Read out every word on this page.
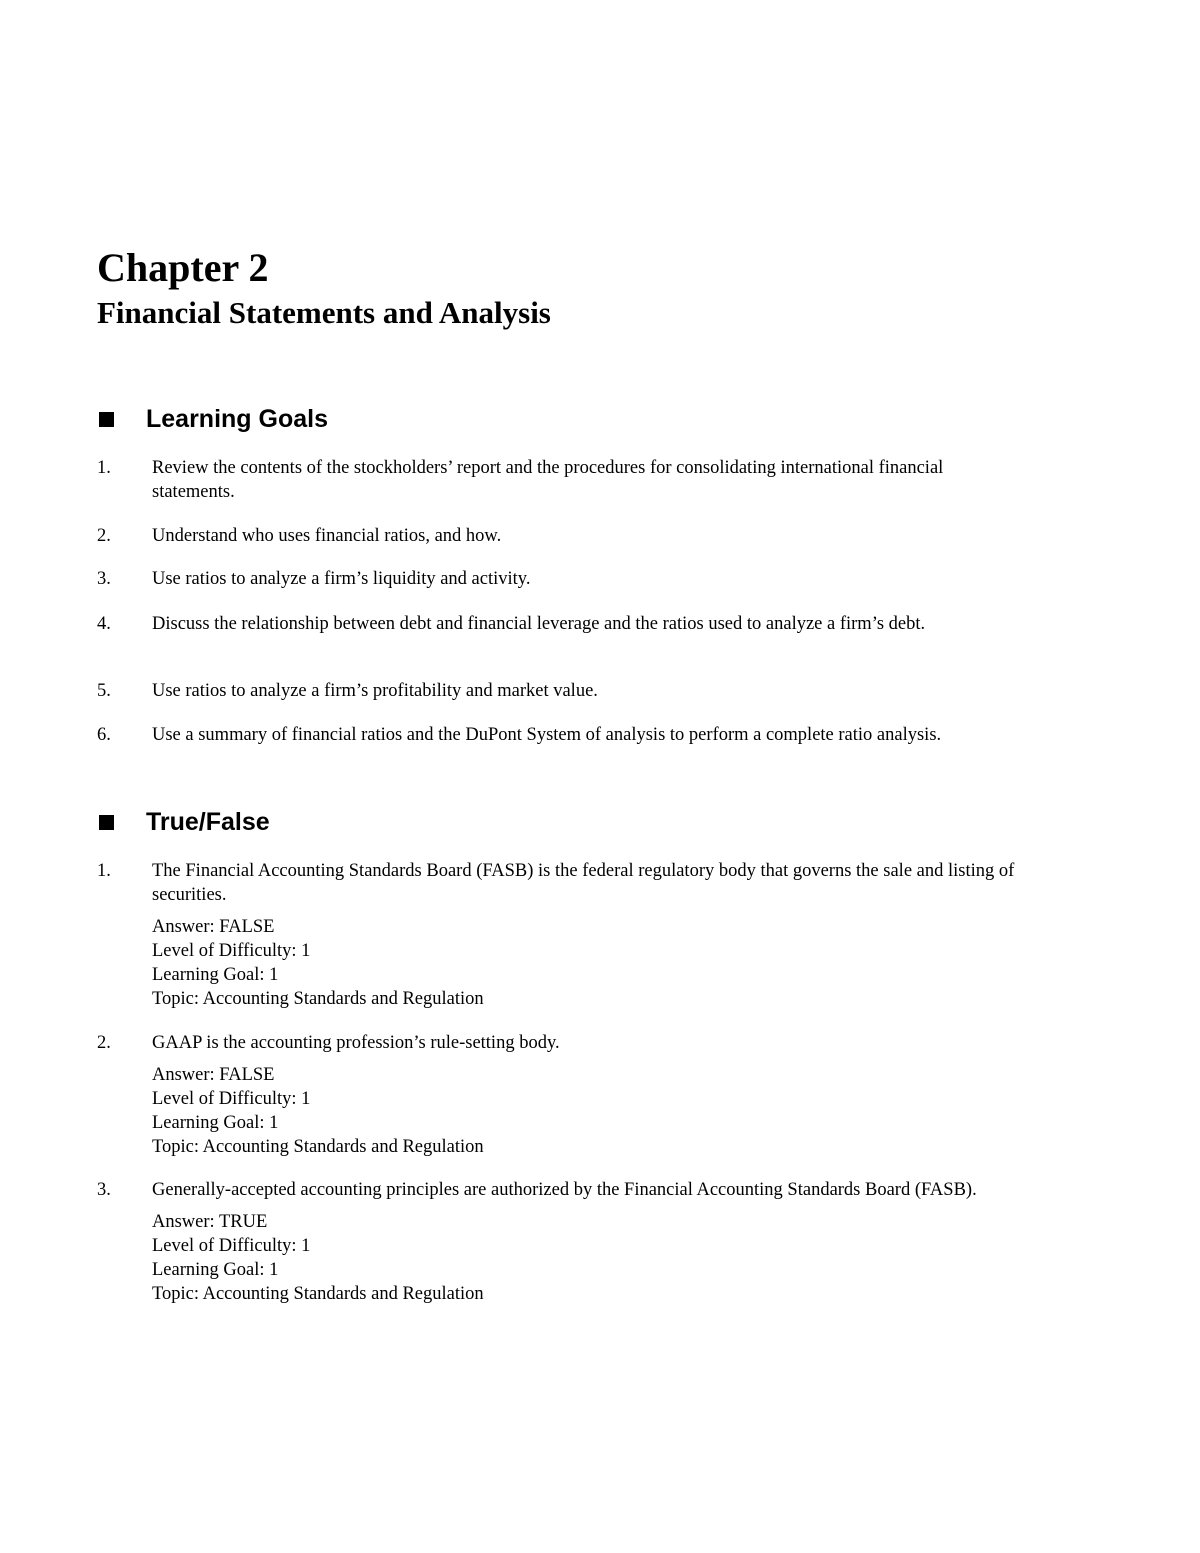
Chapter 2
Financial Statements and Analysis
Learning Goals
1.	Review the contents of the stockholders’ report and the procedures for consolidating international financial statements.
2.	Understand who uses financial ratios, and how.
3.	Use ratios to analyze a firm’s liquidity and activity.
4.	Discuss the relationship between debt and financial leverage and the ratios used to analyze a firm’s debt.
5.	Use ratios to analyze a firm’s profitability and market value.
6.	Use a summary of financial ratios and the DuPont System of analysis to perform a complete ratio analysis.
True/False
1.	The Financial Accounting Standards Board (FASB) is the federal regulatory body that governs the sale and listing of securities.
Answer: FALSE
Level of Difficulty: 1
Learning Goal: 1
Topic: Accounting Standards and Regulation
2.	GAAP is the accounting profession’s rule-setting body.
Answer: FALSE
Level of Difficulty: 1
Learning Goal: 1
Topic: Accounting Standards and Regulation
3.	Generally-accepted accounting principles are authorized by the Financial Accounting Standards Board (FASB).
Answer: TRUE
Level of Difficulty: 1
Learning Goal: 1
Topic: Accounting Standards and Regulation
